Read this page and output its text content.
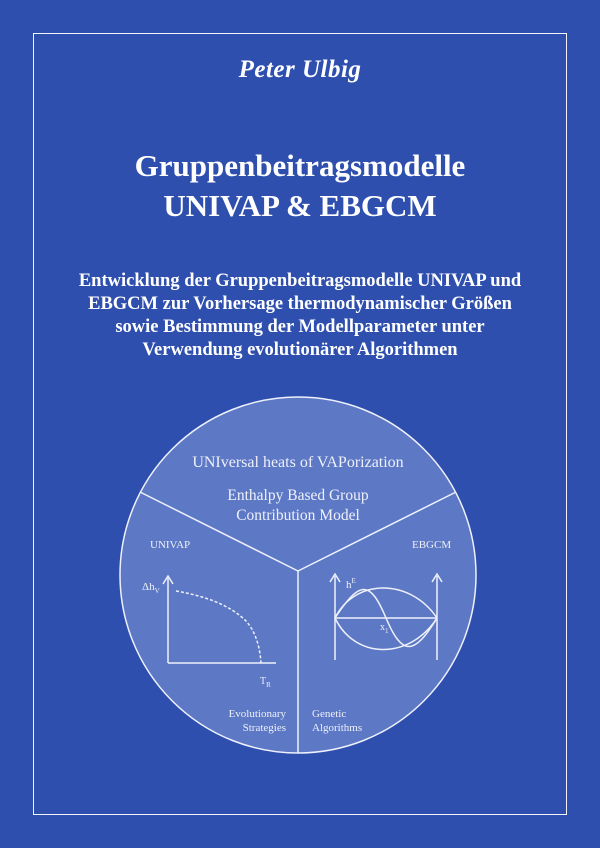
Peter Ulbig
Gruppenbeitragsmodelle
UNIVAP & EBGCM
Entwicklung der Gruppenbeitragsmodelle UNIVAP und
EBGCM zur Vorhersage thermodynamischer Größen
sowie Bestimmung der Modellparameter unter
Verwendung evolutionärer Algorithmen
UNIversal heats of VAPorization
Enthalpy Based Group
Contribution Model
UNIVAP	EBGCM
$\Delta h_V$
$T_R$
$h^E$
$x_1$
Evolutionary
Strategies
Genetic
Algorithms
